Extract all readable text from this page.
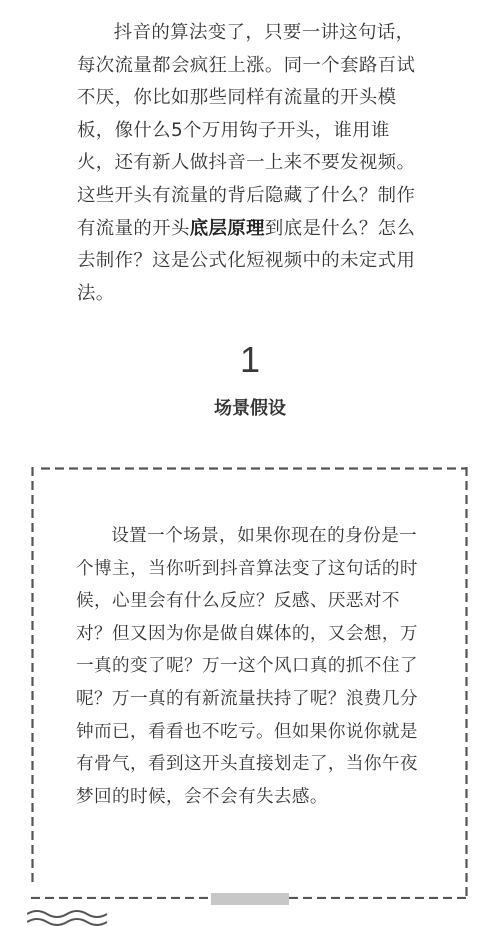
抖音的算法变了，只要一讲这句话，每次流量都会疯狂上涨。同一个套路百试不厌，你比如那些同样有流量的开头模板，像什么5个万用钩子开头，谁用谁火，还有新人做抖音一上来不要发视频。这些开头有流量的背后隐藏了什么？制作有流量的开头底层原理到底是什么？怎么去制作？这是公式化短视频中的未定式用法。

1
场景假设

设置一个场景，如果你现在的身份是一个博主，当你听到抖音算法变了这句话的时候，心里会有什么反应？反感、厌恶对不对？但又因为你是做自媒体的，又会想，万一真的变了呢？万一这个风口真的抓不住了呢？万一真的有新流量扶持了呢？浪费几分钟而已，看看也不吃亏。但如果你说你就是有骨气，看到这开头直接划走了，当你午夜梦回的时候，会不会有失去感。
